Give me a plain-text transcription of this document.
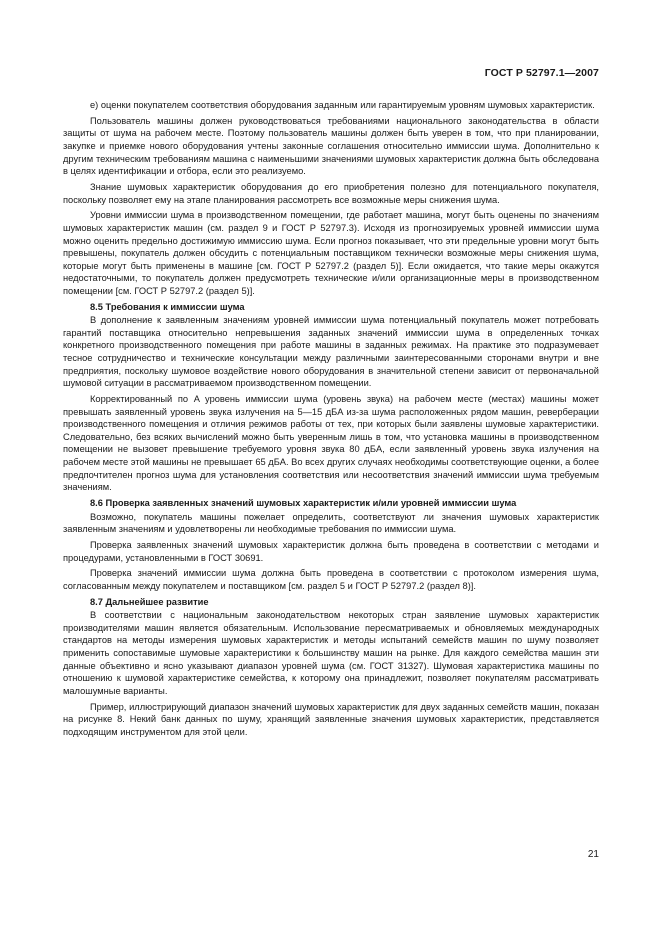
ГОСТ Р 52797.1—2007

e) оценки покупателем соответствия оборудования заданным или гарантируемым уровням шумовых характеристик.

Пользователь машины должен руководствоваться требованиями национального законодательства в области защиты от шума на рабочем месте. Поэтому пользователь машины должен быть уверен в том, что при планировании, закупке и приемке нового оборудования учтены законные соглашения относительно иммиссии шума. Дополнительно к другим техническим требованиям машина с наименьшими значениями шумовых характеристик должна быть обследована в целях идентификации и отбора, если это реализуемо.

Знание шумовых характеристик оборудования до его приобретения полезно для потенциального покупателя, поскольку позволяет ему на этапе планирования рассмотреть все возможные меры снижения шума.

Уровни иммиссии шума в производственном помещении, где работает машина, могут быть оценены по значениям шумовых характеристик машин (см. раздел 9 и ГОСТ Р 52797.3). Исходя из прогнозируемых уровней иммиссии шума можно оценить предельно достижимую иммиссию шума. Если прогноз показывает, что эти предельные уровни могут быть превышены, покупатель должен обсудить с потенциальным поставщиком технически возможные меры снижения шума, которые могут быть применены в машине [см. ГОСТ Р 52797.2 (раздел 5)]. Если ожидается, что такие меры окажутся недостаточными, то покупатель должен предусмотреть технические и/или организационные меры в производственном помещении [см. ГОСТ Р 52797.2 (раздел 5)].

8.5 Требования к иммиссии шума

В дополнение к заявленным значениям уровней иммиссии шума потенциальный покупатель может потребовать гарантий поставщика относительно непревышения заданных значений иммиссии шума в определенных точках конкретного производственного помещения при работе машины в заданных режимах. На практике это подразумевает тесное сотрудничество и технические консультации между различными заинтересованными сторонами внутри и вне предприятия, поскольку шумовое воздействие нового оборудования в значительной степени зависит от первоначальной шумовой ситуации в рассматриваемом производственном помещении.

Корректированный по A уровень иммиссии шума (уровень звука) на рабочем месте (местах) машины может превышать заявленный уровень звука излучения на 5—15 дБA из-за шума расположенных рядом машин, реверберации производственного помещения и отличия режимов работы от тех, при которых были заявлены шумовые характеристики. Следовательно, без всяких вычислений можно быть уверенным лишь в том, что установка машины в производственном помещении не вызовет превышение требуемого уровня звука 80 дБA, если заявленный уровень звука излучения на рабочем месте этой машины не превышает 65 дБA. Во всех других случаях необходимы соответствующие оценки, а более предпочтителен прогноз шума для установления соответствия или несоответствия значений иммиссии шума требуемым значениям.

8.6 Проверка заявленных значений шумовых характеристик и/или уровней иммиссии шума

Возможно, покупатель машины пожелает определить, соответствуют ли значения шумовых характеристик заявленным значениям и удовлетворены ли необходимые требования по иммиссии шума.

Проверка заявленных значений шумовых характеристик должна быть проведена в соответствии с методами и процедурами, установленными в ГОСТ 30691.

Проверка значений иммиссии шума должна быть проведена в соответствии с протоколом измерения шума, согласованным между покупателем и поставщиком [см. раздел 5 и ГОСТ Р 52797.2 (раздел 8)].

8.7 Дальнейшее развитие

В соответствии с национальным законодательством некоторых стран заявление шумовых характеристик производителями машин является обязательным. Использование пересматриваемых и обновляемых международных стандартов на методы измерения шумовых характеристик и методы испытаний семейств машин по шуму позволяет применить сопоставимые шумовые характеристики к большинству машин на рынке. Для каждого семейства машин эти данные объективно и ясно указывают диапазон уровней шума (см. ГОСТ 31327). Шумовая характеристика машины по отношению к шумовой характеристике семейства, к которому она принадлежит, позволяет покупателям рассматривать малошумные варианты.

Пример, иллюстрирующий диапазон значений шумовых характеристик для двух заданных семейств машин, показан на рисунке 8. Некий банк данных по шуму, хранящий заявленные значения шумовых характеристик, представляется подходящим инструментом для этой цели.

21
